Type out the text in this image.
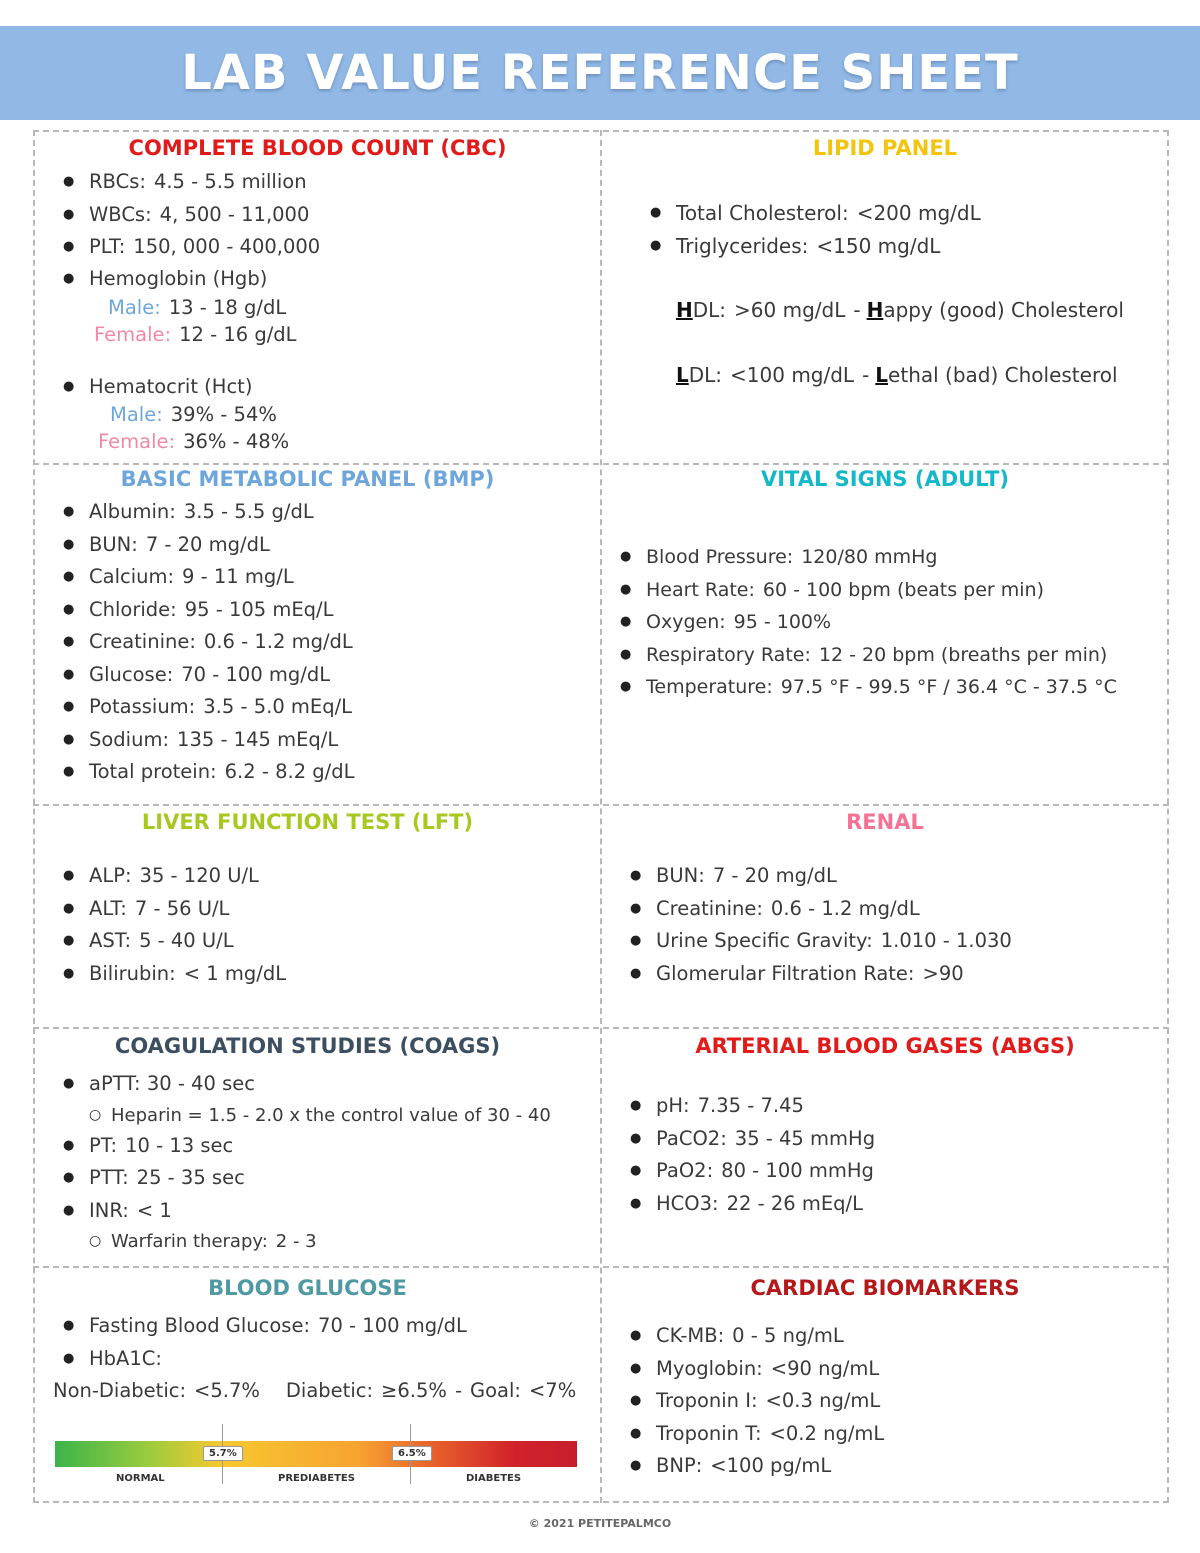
LAB VALUE REFERENCE SHEET
COMPLETE BLOOD COUNT (CBC)
● RBCs: 4.5 - 5.5 million
● WBCs: 4, 500 - 11,000
● PLT: 150, 000 - 400,000
● Hemoglobin (Hgb)
Male: 13 - 18 g/dL
Female: 12 - 16 g/dL
● Hematocrit (Hct)
Male: 39% - 54%
Female: 36% - 48%
LIPID PANEL
● Total Cholesterol: <200 mg/dL
● Triglycerides: <150 mg/dL
HDL: >60 mg/dL - Happy (good) Cholesterol
LDL: <100 mg/dL - Lethal (bad) Cholesterol
BASIC METABOLIC PANEL (BMP)
● Albumin: 3.5 - 5.5 g/dL
● BUN: 7 - 20 mg/dL
● Calcium: 9 - 11 mg/L
● Chloride: 95 - 105 mEq/L
● Creatinine: 0.6 - 1.2 mg/dL
● Glucose: 70 - 100 mg/dL
● Potassium: 3.5 - 5.0 mEq/L
● Sodium: 135 - 145 mEq/L
● Total protein: 6.2 - 8.2 g/dL
VITAL SIGNS (ADULT)
● Blood Pressure: 120/80 mmHg
● Heart Rate: 60 - 100 bpm (beats per min)
● Oxygen: 95 - 100%
● Respiratory Rate: 12 - 20 bpm (breaths per min)
● Temperature: 97.5 °F - 99.5 °F / 36.4 °C - 37.5 °C
LIVER FUNCTION TEST (LFT)
● ALP: 35 - 120 U/L
● ALT: 7 - 56 U/L
● AST: 5 - 40 U/L
● Bilirubin: < 1 mg/dL
RENAL
● BUN: 7 - 20 mg/dL
● Creatinine: 0.6 - 1.2 mg/dL
● Urine Specific Gravity: 1.010 - 1.030
● Glomerular Filtration Rate: >90
COAGULATION STUDIES (COAGS)
● aPTT: 30 - 40 sec
○ Heparin = 1.5 - 2.0 x the control value of 30 - 40
● PT: 10 - 13 sec
● PTT: 25 - 35 sec
● INR: < 1
○ Warfarin therapy: 2 - 3
ARTERIAL BLOOD GASES (ABGS)
● pH: 7.35 - 7.45
● PaCO2: 35 - 45 mmHg
● PaO2: 80 - 100 mmHg
● HCO3: 22 - 26 mEq/L
BLOOD GLUCOSE
● Fasting Blood Glucose: 70 - 100 mg/dL
● HbA1C:
Non-Diabetic: <5.7% Diabetic: ≥6.5% - Goal: <7%
5.7%	6.5%
NORMAL	PREDIABETES	DIABETES
CARDIAC BIOMARKERS
● CK-MB: 0 - 5 ng/mL
● Myoglobin: <90 ng/mL
● Troponin I: <0.3 ng/mL
● Troponin T: <0.2 ng/mL
● BNP: <100 pg/mL
© 2021 PETITEPALMCO
